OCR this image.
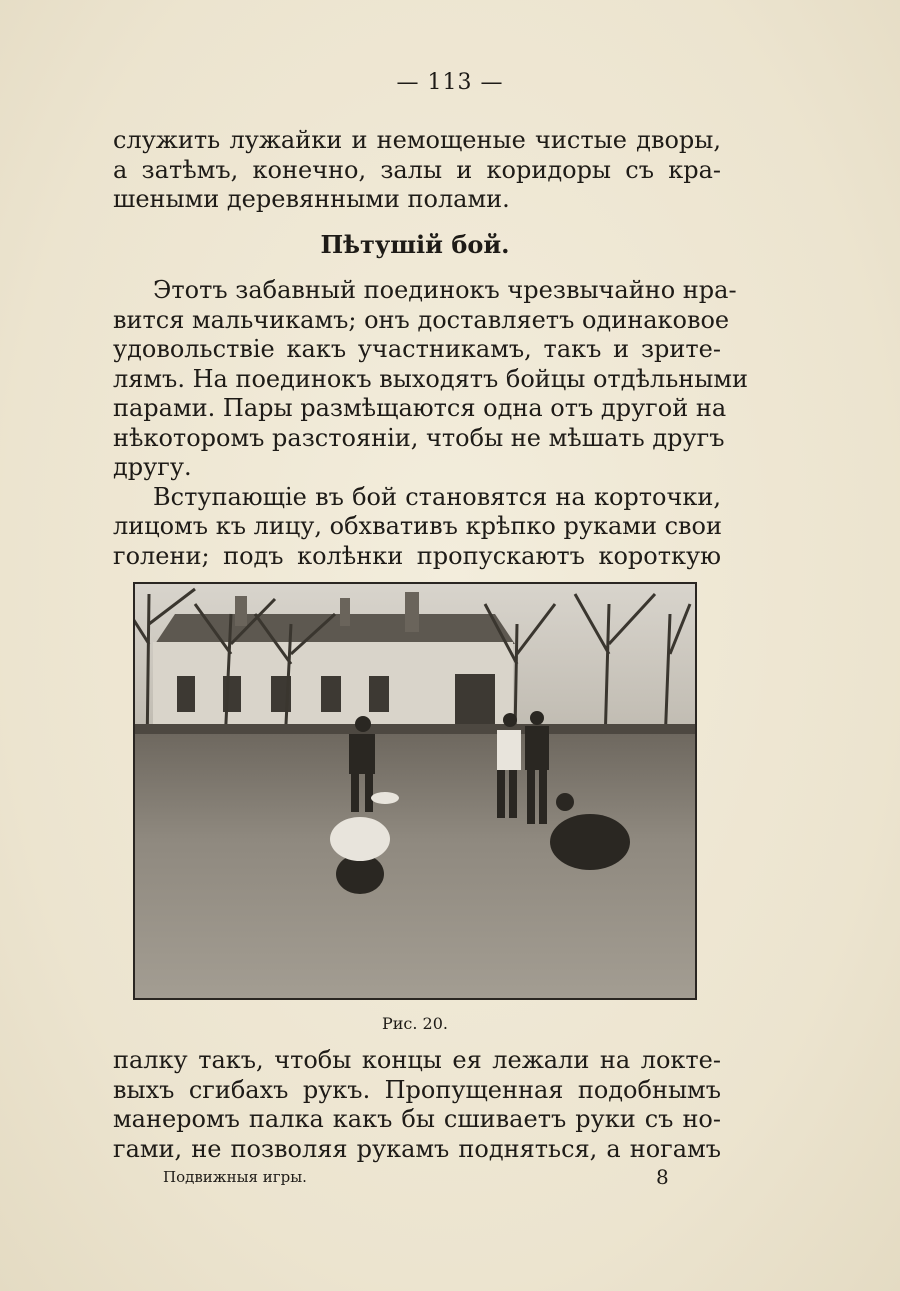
— 113 —
служить лужайки и немощеные чистые дворы,
а затѣмъ, конечно, залы и коридоры съ кра-
шеными деревянными полами.
Пѣтушій бой.
Этотъ забавный поединокъ чрезвычайно нра-
вится мальчикамъ; онъ доставляетъ одинаковое
удовольствіе какъ участникамъ, такъ и зрите-
лямъ. На поединокъ выходятъ бойцы отдѣльными
парами. Пары размѣщаются одна отъ другой на
нѣкоторомъ разстояніи, чтобы не мѣшать другъ
другу.
Вступающіе въ бой становятся на корточки,
лицомъ къ лицу, обхвативъ крѣпко руками свои
голени; подъ колѣнки пропускаютъ короткую
Рис. 20.
палку такъ, чтобы концы ея лежали на локте-
выхъ сгибахъ рукъ. Пропущенная подобнымъ
манеромъ палка какъ бы сшиваетъ руки съ но-
гами, не позволяя рукамъ подняться, а ногамъ
Подвижныя игры.	8
